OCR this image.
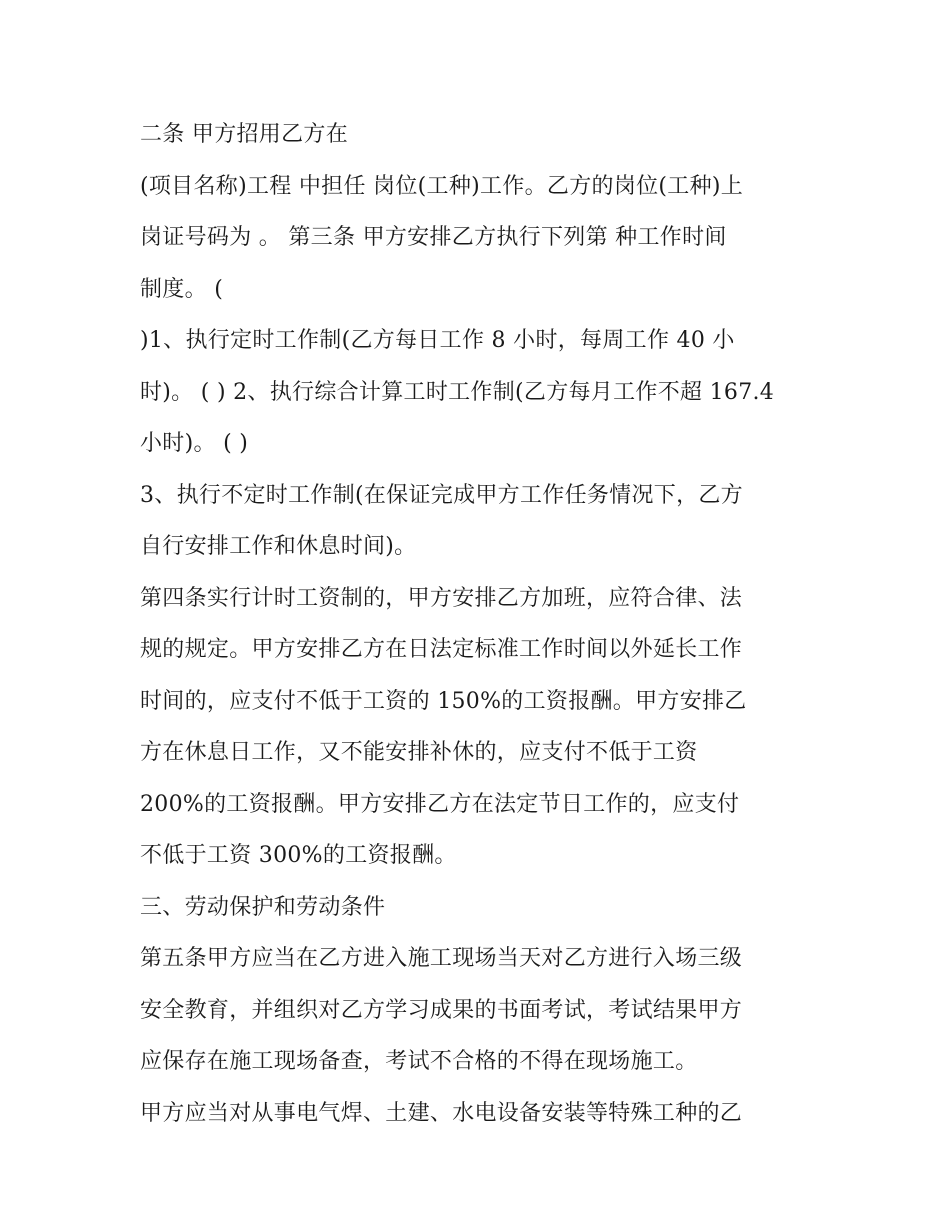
二条 甲方招用乙方在
(项目名称)工程 中担任 岗位(工种)工作。乙方的岗位(工种)上
岗证号码为 。 第三条 甲方安排乙方执行下列第 种工作时间
制度。 (
)1、执行定时工作制(乙方每日工作 8 小时，每周工作 40 小
时)。 ( ) 2、执行综合计算工时工作制(乙方每月工作不超 167.4
小时)。 ( )
3、执行不定时工作制(在保证完成甲方工作任务情况下，乙方
自行安排工作和休息时间)。
第四条实行计时工资制的，甲方安排乙方加班，应符合律、法
规的规定。甲方安排乙方在日法定标准工作时间以外延长工作
时间的，应支付不低于工资的 150%的工资报酬。甲方安排乙
方在休息日工作，又不能安排补休的，应支付不低于工资
200%的工资报酬。甲方安排乙方在法定节日工作的，应支付
不低于工资 300%的工资报酬。
三、劳动保护和劳动条件
第五条甲方应当在乙方进入施工现场当天对乙方进行入场三级
安全教育，并组织对乙方学习成果的书面考试，考试结果甲方
应保存在施工现场备查，考试不合格的不得在现场施工。
甲方应当对从事电气焊、土建、水电设备安装等特殊工种的乙
